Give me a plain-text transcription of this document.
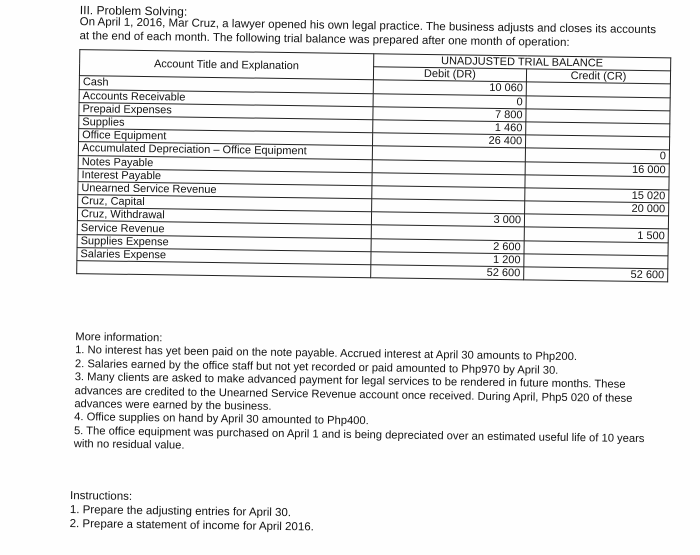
III. Problem Solving:
On April 1, 2016, Mar Cruz, a lawyer opened his own legal practice. The business adjusts and closes its accounts at the end of each month. The following trial balance was prepared after one month of operation:
Account Title and Explanation	UNADJUSTED TRIAL BALANCE	
	Debit (DR)	Credit (CR)
Cash	10 060	
Accounts Receivable	0	
Prepaid Expenses	7 800	
Supplies	1 460	
Office Equipment	26 400	
Accumulated Depreciation – Office Equipment		0
Notes Payable		16 000
Interest Payable		
Unearned Service Revenue		15 020
Cruz, Capital		20 000
Cruz, Withdrawal	3 000	
Service Revenue		1 500
Supplies Expense	2 600	
Salaries Expense	1 200	
	52 600	52 600

More information:

1. No interest has yet been paid on the note payable. Accrued interest at April 30 amounts to Php200.

2. Salaries earned by the office staff but not yet recorded or paid amounted to Php970 by April 30.

3. Many clients are asked to make advanced payment for legal services to be rendered in future months. These advances are credited to the Unearned Service Revenue account once received. During April, Php5 020 of these advances were earned by the business.

4. Office supplies on hand by April 30 amounted to Php400.

5. The office equipment was purchased on April 1 and is being depreciated over an estimated useful life of 10 years with no residual value.

Instructions:

1. Prepare the adjusting entries for April 30.

2. Prepare a statement of income for April 2016.
